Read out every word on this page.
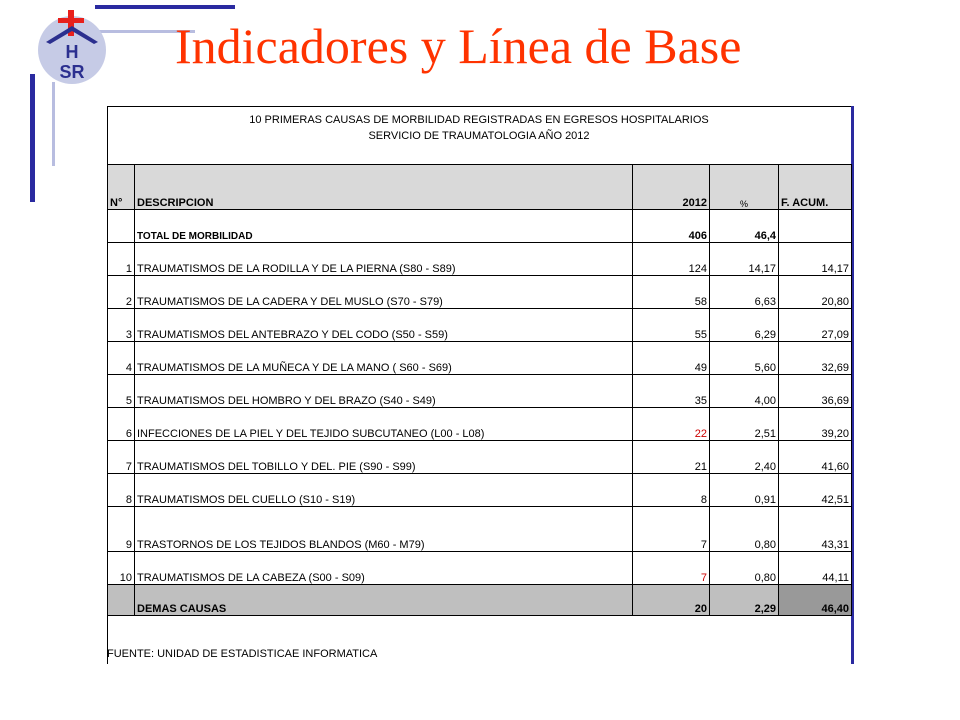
H
SR Indicadores y Línea de Base
10 PRIMERAS CAUSAS DE MORBILIDAD REGISTRADAS EN EGRESOS HOSPITALARIOS
SERVICIO DE TRAUMATOLOGIA AÑO 2012
N°	DESCRIPCION	2012	%	F. ACUM.
	TOTAL DE MORBILIDAD	406	46,4	
1	TRAUMATISMOS DE LA RODILLA Y DE LA PIERNA (S80 - S89)	124	14,17	14,17
2	TRAUMATISMOS DE LA CADERA Y DEL MUSLO (S70 - S79)	58	6,63	20,80
3	TRAUMATISMOS DEL ANTEBRAZO Y DEL CODO (S50 - S59)	55	6,29	27,09
4	TRAUMATISMOS DE LA MUÑECA Y DE LA MANO ( S60 - S69)	49	5,60	32,69
5	TRAUMATISMOS DEL HOMBRO Y DEL BRAZO (S40 - S49)	35	4,00	36,69
6	INFECCIONES DE LA PIEL Y DEL TEJIDO SUBCUTANEO (L00 - L08)	22	2,51	39,20
7	TRAUMATISMOS DEL TOBILLO Y DEL. PIE (S90 - S99)	21	2,40	41,60
8	TRAUMATISMOS DEL CUELLO (S10 - S19)	8	0,91	42,51
9	TRASTORNOS DE LOS TEJIDOS BLANDOS (M60 - M79)	7	0,80	43,31
10	TRAUMATISMOS DE LA CABEZA (S00 - S09)	7	0,80	44,11
	DEMAS CAUSAS	20	2,29	46,40
FUENTE: UNIDAD DE ESTADISTICAE INFORMATICA
